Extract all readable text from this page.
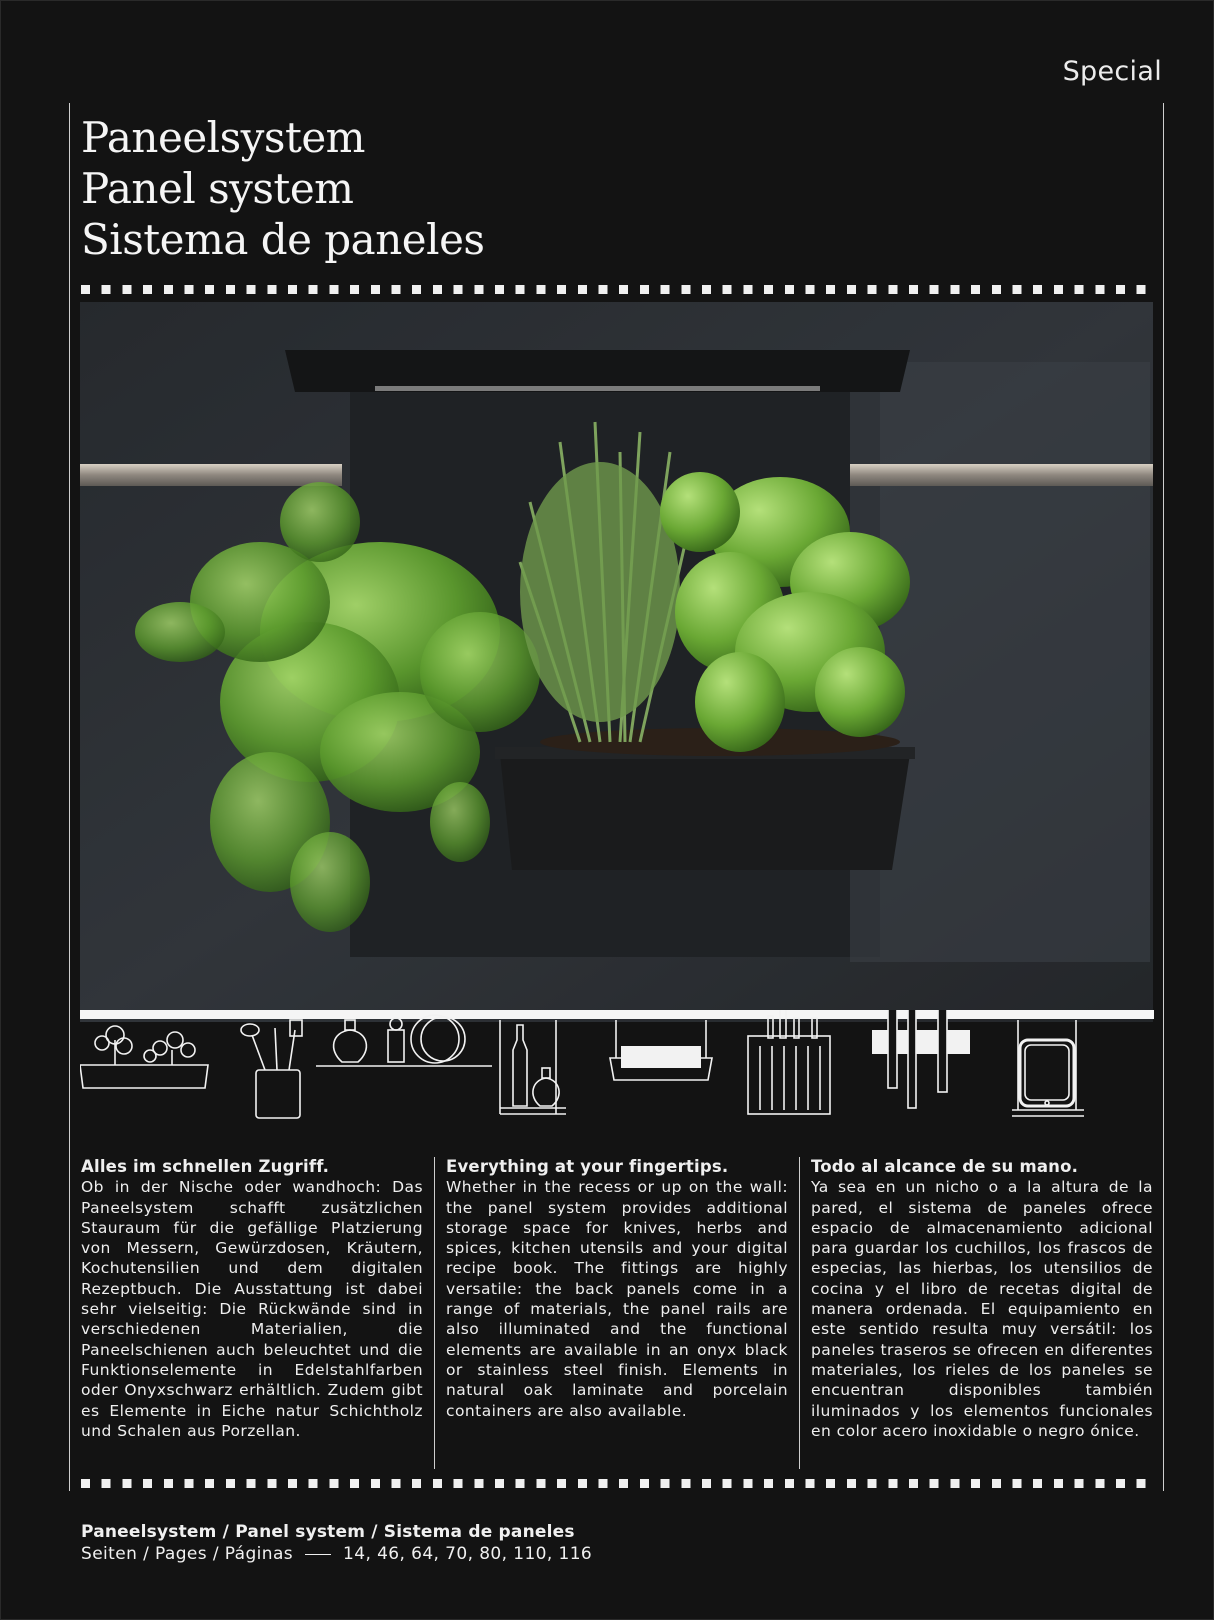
Special
Paneelsystem
Panel system
Sistema de paneles
Alles im schnellen Zugriff.

Ob in der Nische oder wandhoch: Das Paneelsystem schafft zusätzlichen Stauraum für die gefällige Platzierung von Messern, Gewürzdosen, Kräutern, Kochutensilien und dem digitalen Rezeptbuch. Die Ausstattung ist dabei sehr vielseitig: Die Rückwände sind in verschiedenen Materialien, die Paneelschienen auch beleuchtet und die Funktionselemente in Edelstahlfarben oder Onyxschwarz erhältlich. Zudem gibt es Elemente in Eiche natur Schichtholz und Schalen aus Porzellan.

Everything at your fingertips.

Whether in the recess or up on the wall: the panel system provides additional storage space for knives, herbs and spices, kitchen utensils and your digital recipe book. The fittings are highly versatile: the back panels come in a range of materials, the panel rails are also illuminated and the functional elements are available in an onyx black or stainless steel finish. Elements in natural oak laminate and porcelain containers are also available.

Todo al alcance de su mano.

Ya sea en un nicho o a la altura de la pared, el sistema de paneles ofrece espacio de almacenamiento adicional para guardar los cuchillos, los frascos de especias, las hierbas, los utensilios de cocina y el libro de recetas digital de manera ordenada. El equipamiento en este sentido resulta muy versátil: los paneles traseros se ofrecen en diferentes materiales, los rieles de los paneles se encuentran disponibles también iluminados y los elementos funcionales en color acero inoxidable o negro ónice.

Paneelsystem / Panel system / Sistema de paneles
Seiten / Pages / Páginas	14, 46, 64, 70, 80, 110, 116
